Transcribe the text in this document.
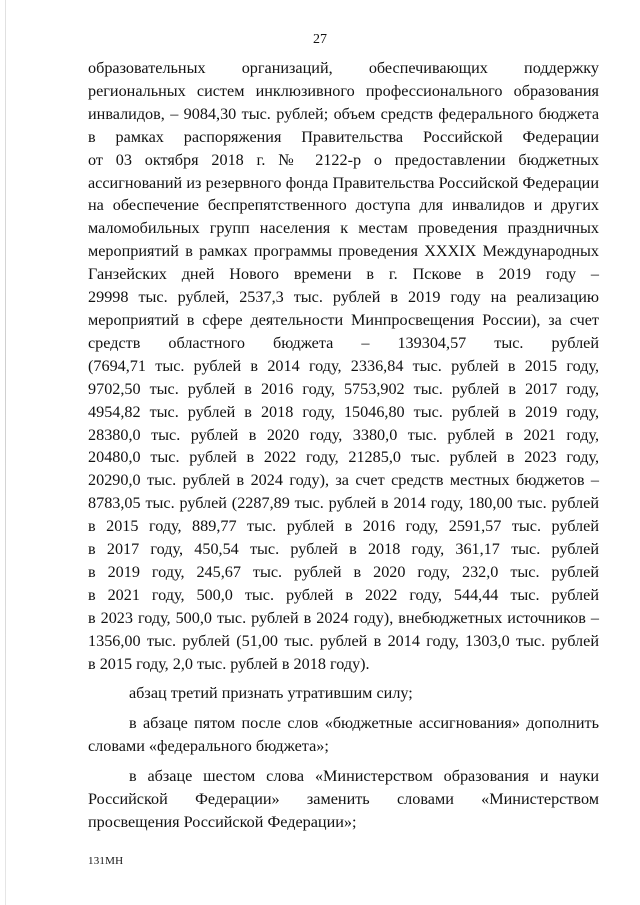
27

образовательных организаций, обеспечивающих поддержку

региональных систем инклюзивного профессионального образования

инвалидов, – 9084,30 тыс. рублей; объем средств федерального бюджета

в рамках распоряжения Правительства Российской Федерации

от 03 октября 2018 г. № 2122-р о предоставлении бюджетных

ассигнований из резервного фонда Правительства Российской Федерации

на обеспечение беспрепятственного доступа для инвалидов и других

маломобильных групп населения к местам проведения праздничных

мероприятий в рамках программы проведения XXXIX Международных

Ганзейских дней Нового времени в г. Пскове в 2019 году –

29998 тыс. рублей, 2537,3 тыс. рублей в 2019 году на реализацию

мероприятий в сфере деятельности Минпросвещения России), за счет

средств областного бюджета – 139304,57 тыс. рублей

(7694,71 тыс. рублей в 2014 году, 2336,84 тыс. рублей в 2015 году,

9702,50 тыс. рублей в 2016 году, 5753,902 тыс. рублей в 2017 году,

4954,82 тыс. рублей в 2018 году, 15046,80 тыс. рублей в 2019 году,

28380,0 тыс. рублей в 2020 году, 3380,0 тыс. рублей в 2021 году,

20480,0 тыс. рублей в 2022 году, 21285,0 тыс. рублей в 2023 году,

20290,0 тыс. рублей в 2024 году), за счет средств местных бюджетов –

8783,05 тыс. рублей (2287,89 тыс. рублей в 2014 году, 180,00 тыс. рублей

в 2015 году, 889,77 тыс. рублей в 2016 году, 2591,57 тыс. рублей

в 2017 году, 450,54 тыс. рублей в 2018 году, 361,17 тыс. рублей

в 2019 году, 245,67 тыс. рублей в 2020 году, 232,0 тыс. рублей

в 2021 году, 500,0 тыс. рублей в 2022 году, 544,44 тыс. рублей

в 2023 году, 500,0 тыс. рублей в 2024 году), внебюджетных источников –

1356,00 тыс. рублей (51,00 тыс. рублей в 2014 году, 1303,0 тыс. рублей

в 2015 году, 2,0 тыс. рублей в 2018 году).

абзац третий признать утратившим силу;

в абзаце пятом после слов «бюджетные ассигнования» дополнить

словами «федерального бюджета»;

в абзаце шестом слова «Министерством образования и науки

Российской Федерации» заменить словами «Министерством

просвещения Российской Федерации»;

131МН
